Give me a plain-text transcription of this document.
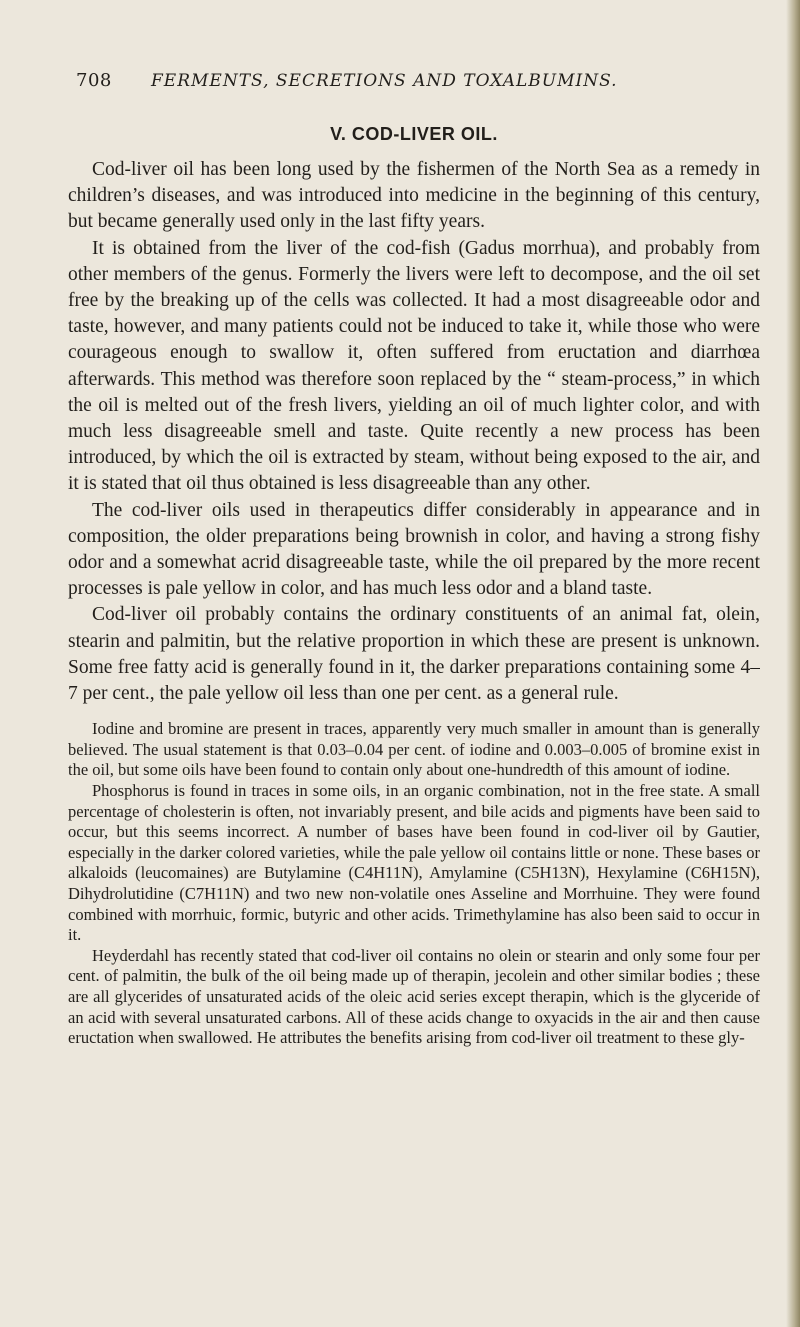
708	FERMENTS, SECRETIONS AND TOXALBUMINS.
V. COD-LIVER OIL.

Cod-liver oil has been long used by the fishermen of the North Sea as a remedy in children’s diseases, and was introduced into medicine in the beginning of this century, but became generally used only in the last fifty years.

It is obtained from the liver of the cod-fish (Gadus morrhua), and probably from other members of the genus. Formerly the livers were left to decompose, and the oil set free by the breaking up of the cells was collected. It had a most disagreeable odor and taste, however, and many patients could not be induced to take it, while those who were courageous enough to swallow it, often suffered from eructation and diarrhœa afterwards. This method was therefore soon replaced by the “ steam-process,” in which the oil is melted out of the fresh livers, yielding an oil of much lighter color, and with much less disagreeable smell and taste. Quite recently a new process has been introduced, by which the oil is extracted by steam, without being exposed to the air, and it is stated that oil thus obtained is less disagreeable than any other.

The cod-liver oils used in therapeutics differ considerably in appearance and in composition, the older preparations being brownish in color, and having a strong fishy odor and a somewhat acrid disagreeable taste, while the oil prepared by the more recent processes is pale yellow in color, and has much less odor and a bland taste.

Cod-liver oil probably contains the ordinary constituents of an animal fat, olein, stearin and palmitin, but the relative proportion in which these are present is unknown. Some free fatty acid is generally found in it, the darker preparations containing some 4–7 per cent., the pale yellow oil less than one per cent. as a general rule.

Iodine and bromine are present in traces, apparently very much smaller in amount than is generally believed. The usual statement is that 0.03–0.04 per cent. of iodine and 0.003–0.005 of bromine exist in the oil, but some oils have been found to contain only about one-hundredth of this amount of iodine.

Phosphorus is found in traces in some oils, in an organic combination, not in the free state. A small percentage of cholesterin is often, not invariably present, and bile acids and pigments have been said to occur, but this seems incorrect. A number of bases have been found in cod-liver oil by Gautier, especially in the darker colored varieties, while the pale yellow oil contains little or none. These bases or alkaloids (leucomaines) are Butylamine (C4H11N), Amylamine (C5H13N), Hexylamine (C6H15N), Dihydrolutidine (C7H11N) and two new non-volatile ones Asseline and Morrhuine. They were found combined with morrhuic, formic, butyric and other acids. Trimethylamine has also been said to occur in it.

Heyderdahl has recently stated that cod-liver oil contains no olein or stearin and only some four per cent. of palmitin, the bulk of the oil being made up of therapin, jecolein and other similar bodies ; these are all glycerides of unsaturated acids of the oleic acid series except therapin, which is the glyceride of an acid with several unsaturated carbons. All of these acids change to oxyacids in the air and then cause eructation when swallowed. He attributes the benefits arising from cod-liver oil treatment to these gly-
